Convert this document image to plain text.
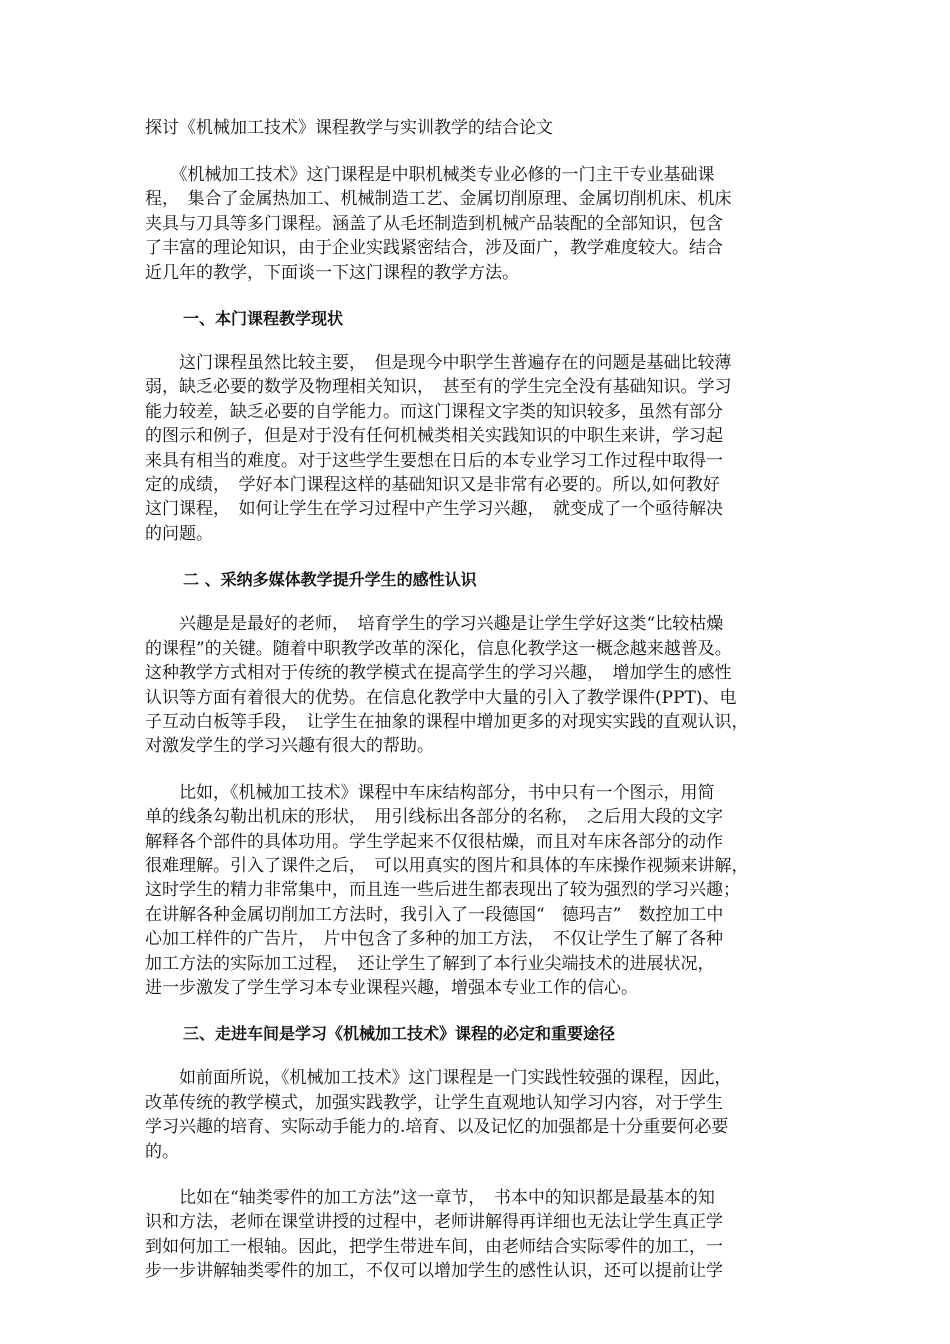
探讨《机械加工技术》课程教学与实训教学的结合论文
　　《机械加工技术》这门课程是中职机械类专业必修的一门主干专业基础课
程，　集合了金属热加工、机械制造工艺、金属切削原理、金属切削机床、机床
夹具与刀具等多门课程。涵盖了从毛坯制造到机械产品装配的全部知识，包含
了丰富的理论知识，由于企业实践紧密结合，涉及面广，教学难度较大。结合
近几年的教学，下面谈一下这门课程的教学方法。
一、本门课程教学现状
　　这门课程虽然比较主要，　但是现今中职学生普遍存在的问题是基础比较薄
弱，缺乏必要的数学及物理相关知识，　甚至有的学生完全没有基础知识。学习
能力较差，缺乏必要的自学能力。而这门课程文字类的知识较多，虽然有部分
的图示和例子，但是对于没有任何机械类相关实践知识的中职生来讲，学习起
来具有相当的难度。对于这些学生要想在日后的本专业学习工作过程中取得一
定的成绩，　学好本门课程这样的基础知识又是非常有必要的。所以,如何教好
这门课程，　如何让学生在学习过程中产生学习兴趣，　就变成了一个亟待解决
的问题。
二 、采纳多媒体教学提升学生的感性认识
　　兴趣是是最好的老师，　培育学生的学习兴趣是让学生学好这类“比较枯燥
的课程”的关键。随着中职教学改革的深化，信息化教学这一概念越来越普及。
这种教学方式相对于传统的教学模式在提高学生的学习兴趣，　增加学生的感性
认识等方面有着很大的优势。在信息化教学中大量的引入了教学课件(PPT)、电
子互动白板等手段，　让学生在抽象的课程中增加更多的对现实实践的直观认识，
对激发学生的学习兴趣有很大的帮助。
　　比如，《机械加工技术》课程中车床结构部分，书中只有一个图示，用简
单的线条勾勒出机床的形状，　用引线标出各部分的名称，　之后用大段的文字
解释各个部件的具体功用。学生学起来不仅很枯燥，而且对车床各部分的动作
很难理解。引入了课件之后，　可以用真实的图片和具体的车床操作视频来讲解，
这时学生的精力非常集中，而且连一些后进生都表现出了较为强烈的学习兴趣；
在讲解各种金属切削加工方法时，我引入了一段德国“　德玛吉”　数控加工中
心加工样件的广告片，　片中包含了多种的加工方法，　不仅让学生了解了各种
加工方法的实际加工过程，　还让学生了解到了本行业尖端技术的进展状况，
进一步激发了学生学习本专业课程兴趣，增强本专业工作的信心。
三、走进车间是学习《机械加工技术》课程的必定和重要途径
　　如前面所说，《机械加工技术》这门课程是一门实践性较强的课程，因此，
改革传统的教学模式，加强实践教学，让学生直观地认知学习内容，对于学生
学习兴趣的培育、实际动手能力的.培育、以及记忆的加强都是十分重要何必要
的。
　　比如在“轴类零件的加工方法”这一章节，　书本中的知识都是最基本的知
识和方法，老师在课堂讲授的过程中，老师讲解得再详细也无法让学生真正学
到如何加工一根轴。因此，把学生带进车间，由老师结合实际零件的加工，一
步一步讲解轴类零件的加工，不仅可以增加学生的感性认识，还可以提前让学
